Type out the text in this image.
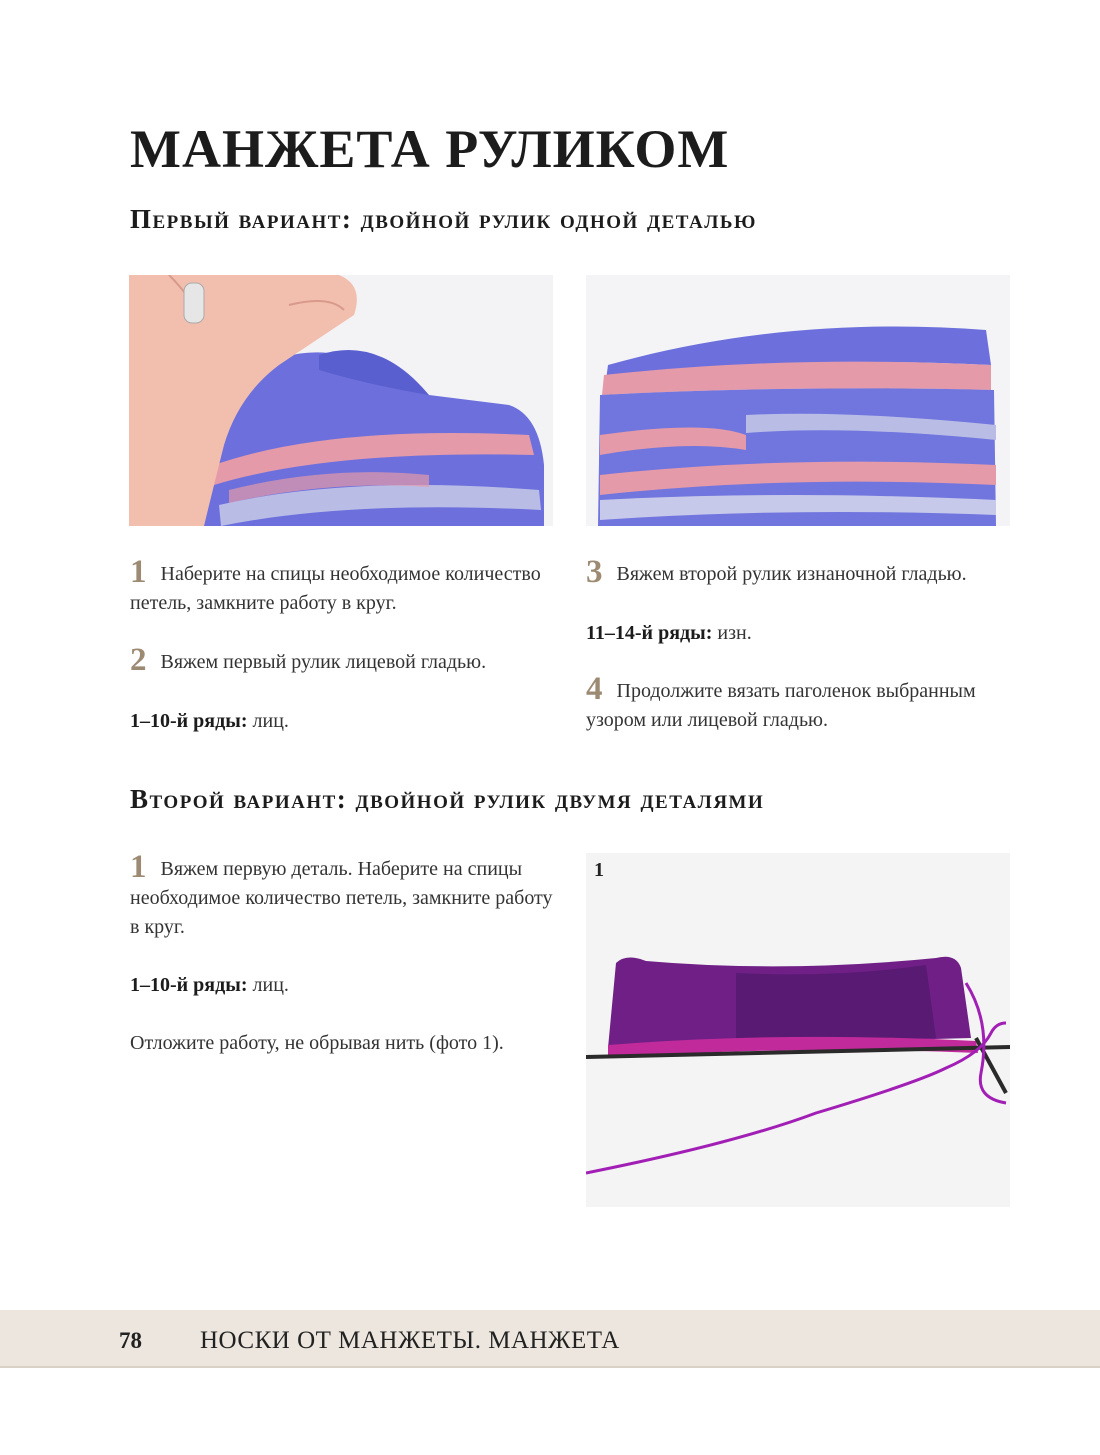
МАНЖЕТА РУЛИКОМ
Первый вариант: двойной рулик одной деталью
1 Наберите на спицы необходимое количество петель, замкните работу в круг.
2 Вяжем первый рулик лицевой гладью.
1–10-й ряды: лиц.
3 Вяжем второй рулик изнаночной гладью.
11–14-й ряды: изн.
4 Продолжите вязать паголенок выбранным узором или лицевой гладью.
Второй вариант: двойной рулик двумя деталями
1 Вяжем первую деталь. Наберите на спицы необходимое количество петель, замкните работу в круг.
1–10-й ряды: лиц.
Отложите работу, не обрывая нить (фото 1).
1
78 НОСКИ ОТ МАНЖЕТЫ. МАНЖЕТА
